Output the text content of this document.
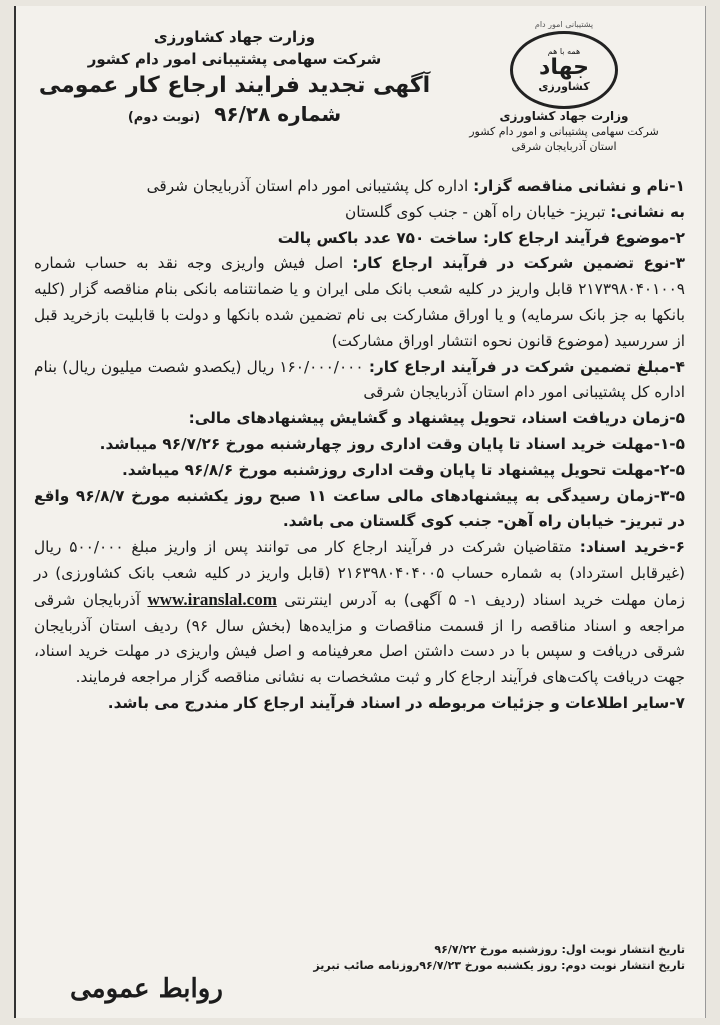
پشتیبانی امور دام
همه با هم
جهاد
کشاورزی
وزارت جهاد کشاورزی
شرکت سهامی پشتیبانی و امور دام کشور
استان آذربایجان شرقی
وزارت جهاد کشاورزی
شرکت سهامی پشتیبانی امور دام کشور
آگهی تجدید فرایند ارجاع کار عمومی
شماره ۹۶/۲۸
(نوبت دوم)

۱-نام و نشانی مناقصه گزار: اداره کل پشتیبانی امور دام استان آذربایجان شرقی

به نشانی: تبریز- خیابان راه آهن - جنب کوی گلستان

۲-موضوع فرآیند ارجاع کار: ساخت ۷۵۰ عدد باکس پالت

۳-نوع تضمین شرکت در فرآیند ارجاع کار: اصل فیش واریزی وجه نقد به حساب شماره ۲۱۷۳۹۸۰۴۰۱۰۰۹ قابل واریز در کلیه شعب بانک ملی ایران و یا ضمانتنامه بانکی بنام مناقصه گزار (کلیه بانکها به جز بانک سرمایه) و یا اوراق مشارکت بی نام تضمین شده بانکها و دولت با قابلیت بازخرید قبل از سررسید (موضوع قانون نحوه انتشار اوراق مشارکت)

۴-مبلغ تضمین شرکت در فرآیند ارجاع کار: ۱۶۰/۰۰۰/۰۰۰ ریال (یکصدو شصت میلیون ریال) بنام اداره کل پشتیبانی امور دام استان آذربایجان شرقی

۵-زمان دریافت اسناد، تحویل پیشنهاد و گشایش پیشنهادهای مالی:

۱-۵-مهلت خرید اسناد تا پایان وقت اداری روز چهارشنبه مورخ ۹۶/۷/۲۶ میباشد.

۲-۵-مهلت تحویل پیشنهاد تا پایان وقت اداری روزشنبه مورخ ۹۶/۸/۶ میباشد.

۳-۵-زمان رسیدگی به پیشنهادهای مالی ساعت ۱۱ صبح روز یکشنبه مورخ ۹۶/۸/۷ واقع در تبریز- خیابان راه آهن- جنب کوی گلستان می باشد.

۶-خرید اسناد: متقاضیان شرکت در فرآیند ارجاع کار می توانند پس از واریز مبلغ ۵۰۰/۰۰۰ ریال (غیرقابل استرداد) به شماره حساب ۲۱۶۳۹۸۰۴۰۴۰۰۵ (قابل واریز در کلیه شعب بانک کشاورزی) در زمان مهلت خرید اسناد (ردیف ۱- ۵ آگهی) به آدرس اینترنتی www.iranslal.com آذربایجان شرقی مراجعه و اسناد مناقصه را از قسمت مناقصات و مزایده‌ها (بخش سال ۹۶) ردیف استان آذربایجان شرقی دریافت و سپس با در دست داشتن اصل معرفینامه و اصل فیش واریزی در مهلت خرید اسناد، جهت دریافت پاکت‌های فرآیند ارجاع کار و ثبت مشخصات به نشانی مناقصه گزار مراجعه فرمایند.

۷-سایر اطلاعات و جزئیات مربوطه در اسناد فرآیند ارجاع کار مندرج می باشد.

تاریخ انتشار نوبت اول: روزشنبه مورخ ۹۶/۷/۲۲
تاریخ انتشار نوبت دوم: روز یکشنبه مورخ ۹۶/۷/۲۳روزنامه صائب تبریز
روابط عمومی
